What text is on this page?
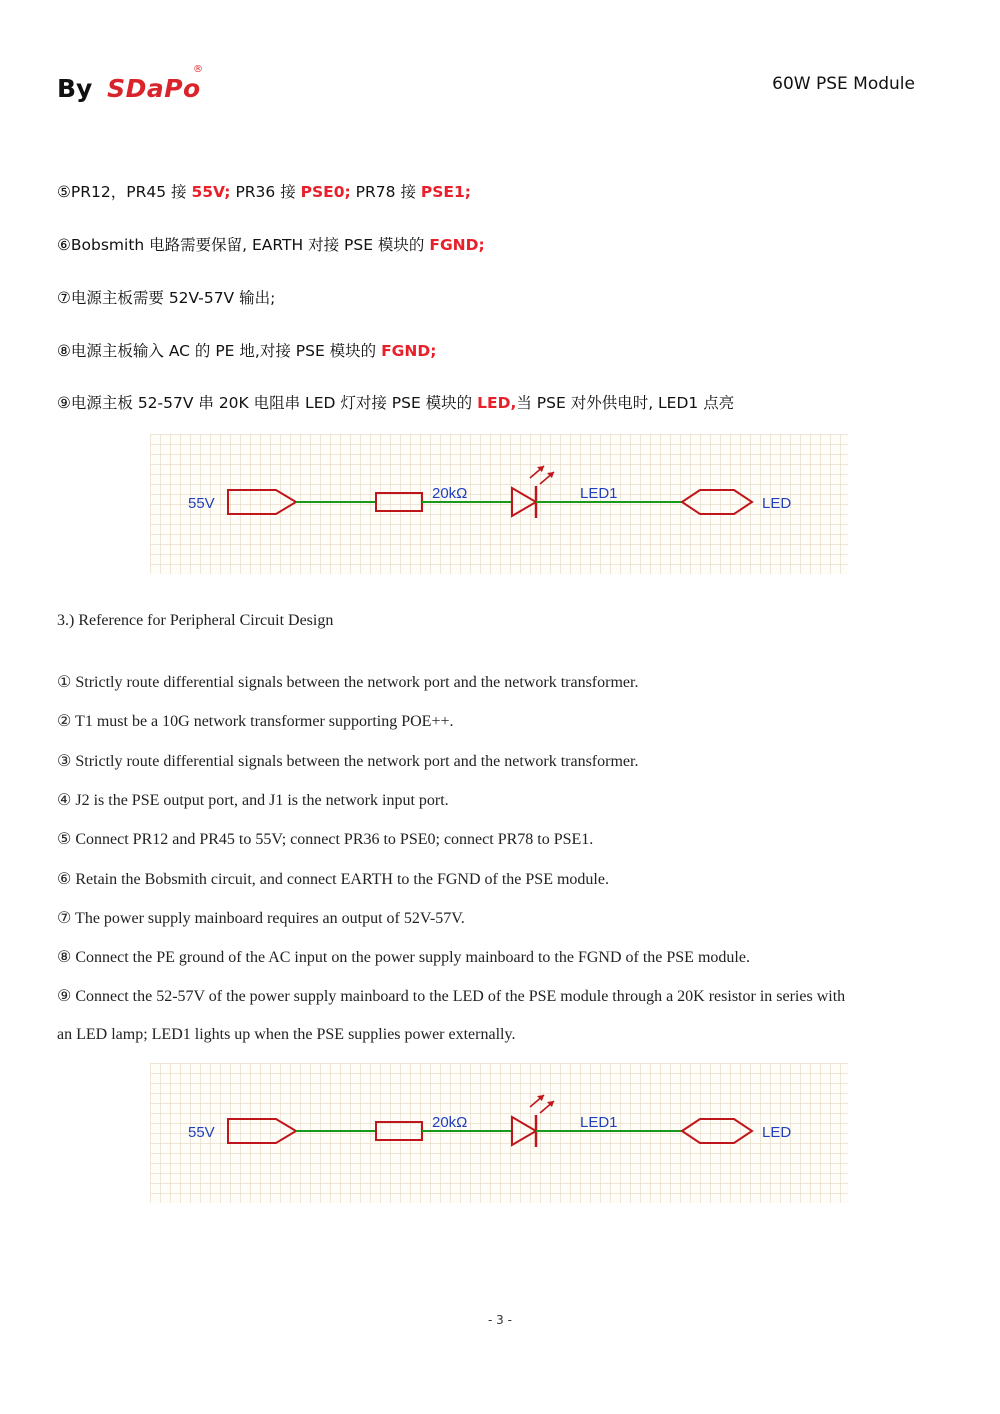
By SDaPo
®
60W PSE Module
⑤PR12，PR45 接 55V; PR36 接 PSE0; PR78 接 PSE1;
⑥Bobsmith 电路需要保留, EARTH 对接 PSE 模块的 FGND;
⑦电源主板需要 52V-57V 输出;
⑧电源主板输入 AC 的 PE 地,对接 PSE 模块的 FGND;
⑨电源主板 52-57V 串 20K 电阻串 LED 灯对接 PSE 模块的 LED,当 PSE 对外供电时, LED1 点亮
55V
20kΩ	LED1
LED
3.) Reference for Peripheral Circuit Design
① Strictly route differential signals between the network port and the network transformer.
② T1 must be a 10G network transformer supporting POE++.
③ Strictly route differential signals between the network port and the network transformer.
④ J2 is the PSE output port, and J1 is the network input port.
⑤ Connect PR12 and PR45 to 55V; connect PR36 to PSE0; connect PR78 to PSE1.
⑥ Retain the Bobsmith circuit, and connect EARTH to the FGND of the PSE module.
⑦ The power supply mainboard requires an output of 52V-57V.
⑧ Connect the PE ground of the AC input on the power supply mainboard to the FGND of the PSE module.
⑨ Connect the 52-57V of the power supply mainboard to the LED of the PSE module through a 20K resistor in series with
an LED lamp; LED1 lights up when the PSE supplies power externally.
55V
20kΩ	LED1
LED
- 3 -
